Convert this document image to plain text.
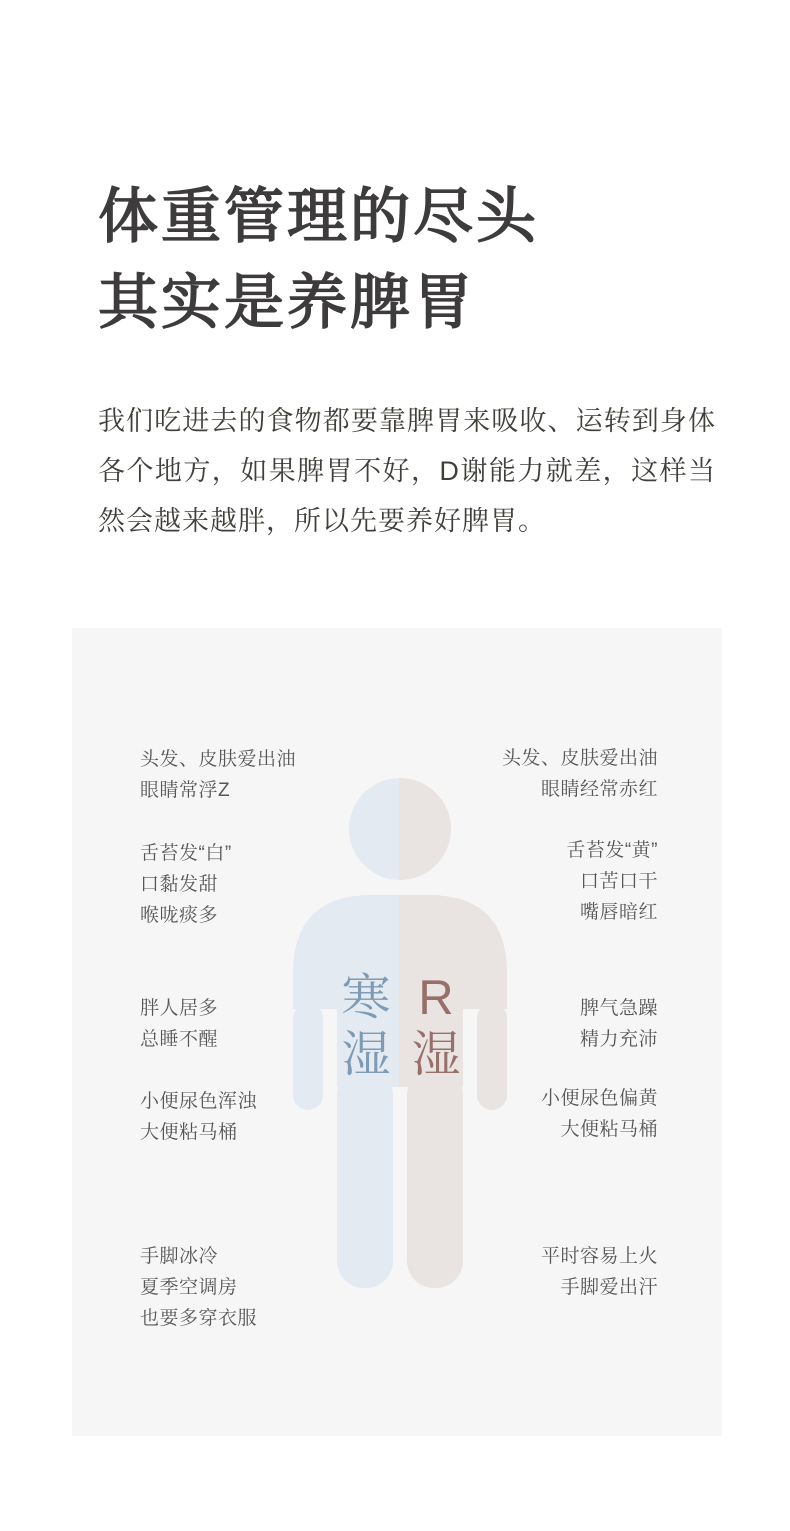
体重管理的尽头
其实是养脾胃
我们吃进去的食物都要靠脾胃来吸收、运转到身体各个地方，如果脾胃不好，D谢能力就差，这样当然会越来越胖，所以先要养好脾胃。
寒湿
R湿
头发、皮肤爱出油
眼睛常浮Z
舌苔发“白”
口黏发甜
喉咙痰多
胖人居多
总睡不醒
小便尿色浑浊
大便粘马桶
手脚冰冷
夏季空调房
也要多穿衣服
头发、皮肤爱出油
眼睛经常赤红
舌苔发“黄”
口苦口干
嘴唇暗红
脾气急躁
精力充沛
小便尿色偏黄
大便粘马桶
平时容易上火
手脚爱出汗
